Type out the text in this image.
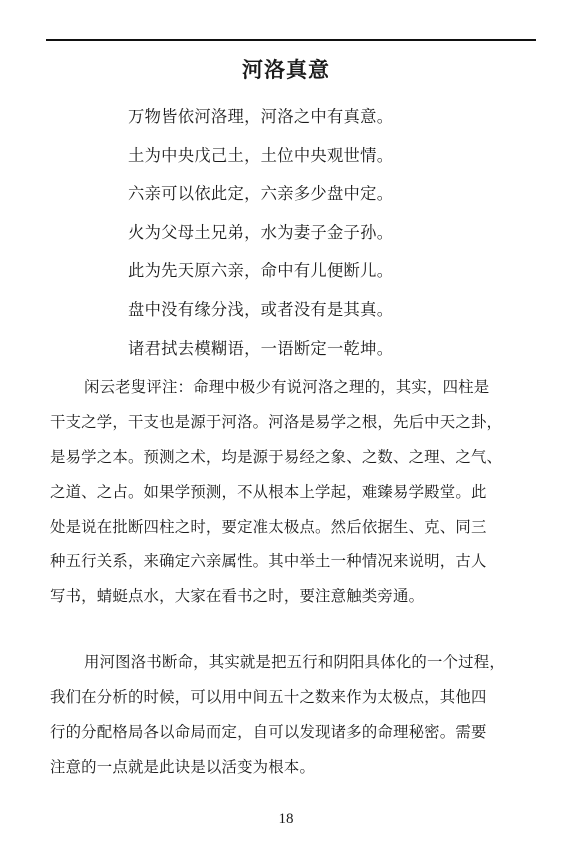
河洛真意
万物皆依河洛理，河洛之中有真意。
土为中央戊己土，土位中央观世情。
六亲可以依此定，六亲多少盘中定。
火为父母土兄弟，水为妻子金子孙。
此为先天原六亲，命中有儿便断儿。
盘中没有缘分浅，或者没有是其真。
诸君拭去模糊语，一语断定一乾坤。
闲云老叟评注：命理中极少有说河洛之理的，其实，四柱是
干支之学，干支也是源于河洛。河洛是易学之根，先后中天之卦，
是易学之本。预测之术，均是源于易经之象、之数、之理、之气、
之道、之占。如果学预测，不从根本上学起，难臻易学殿堂。此
处是说在批断四柱之时，要定准太极点。然后依据生、克、同三
种五行关系，来确定六亲属性。其中举土一种情况来说明，古人
写书，蜻蜓点水，大家在看书之时，要注意触类旁通。
用河图洛书断命，其实就是把五行和阴阳具体化的一个过程，
我们在分析的时候，可以用中间五十之数来作为太极点，其他四
行的分配格局各以命局而定，自可以发现诸多的命理秘密。需要
注意的一点就是此诀是以活变为根本。
18
